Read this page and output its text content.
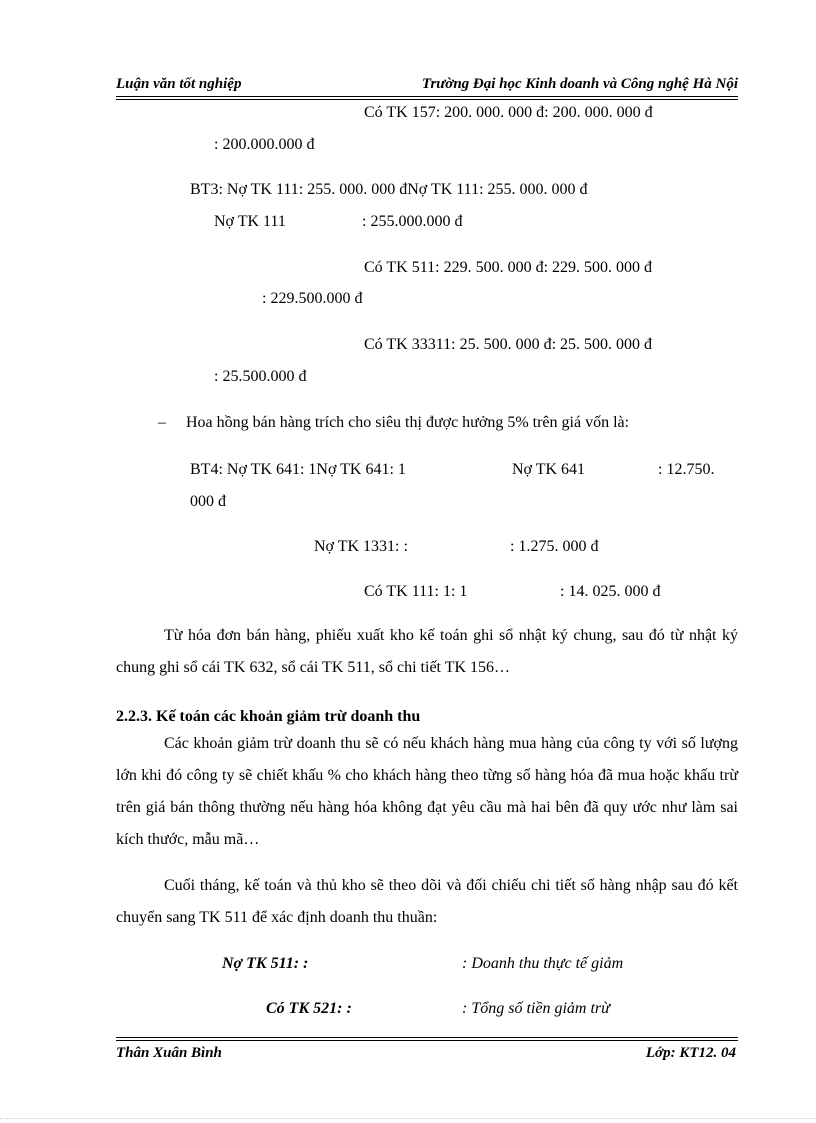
Luận văn tốt nghiệp	Trường Đại học Kinh doanh và Công nghệ Hà Nội
Có TK 157: 200. 000. 000 đ: 200. 000. 000 đ
: 200.000.000 đ
BT3: Nợ TK 111: 255. 000. 000 đNợ TK 111: 255. 000. 000 đ
Nợ TK 111	: 255.000.000 đ
Có TK 511: 229. 500. 000 đ: 229. 500. 000 đ
: 229.500.000 đ
Có TK 33311: 25. 500. 000 đ: 25. 500. 000 đ
: 25.500.000 đ
– Hoa hồng bán hàng trích cho siêu thị được hưởng 5% trên giá vốn là:
BT4: Nợ TK 641: 1Nợ TK 641: 1	Nợ TK 641	: 12.750.
000 đ
Nợ TK 1331: :	: 1.275. 000 đ
Có TK 111: 1: 1	: 14. 025. 000 đ
Từ hóa đơn bán hàng, phiếu xuất kho kế toán ghi sổ nhật ký chung, sau đó từ nhật ký chung ghi sổ cái TK 632, sổ cái TK 511, sổ chi tiết TK 156…
2.2.3. Kế toán các khoản giảm trừ doanh thu
Các khoản giảm trừ doanh thu sẽ có nếu khách hàng mua hàng của công ty với số lượng lớn khi đó công ty sẽ chiết khấu % cho khách hàng theo từng số hàng hóa đã mua hoặc khấu trừ trên giá bán thông thường nếu hàng hóa không đạt yêu cầu mà hai bên đã quy ước như làm sai kích thước, mẫu mã…
Cuối tháng, kế toán và thủ kho sẽ theo dõi và đối chiếu chi tiết số hàng nhập sau đó kết chuyển sang TK 511 để xác định doanh thu thuần:
Nợ TK 511: :	: Doanh thu thực tế giảm
Có TK 521: :	: Tổng số tiền giảm trừ
Thân Xuân Bình	Lớp: KT12. 04
